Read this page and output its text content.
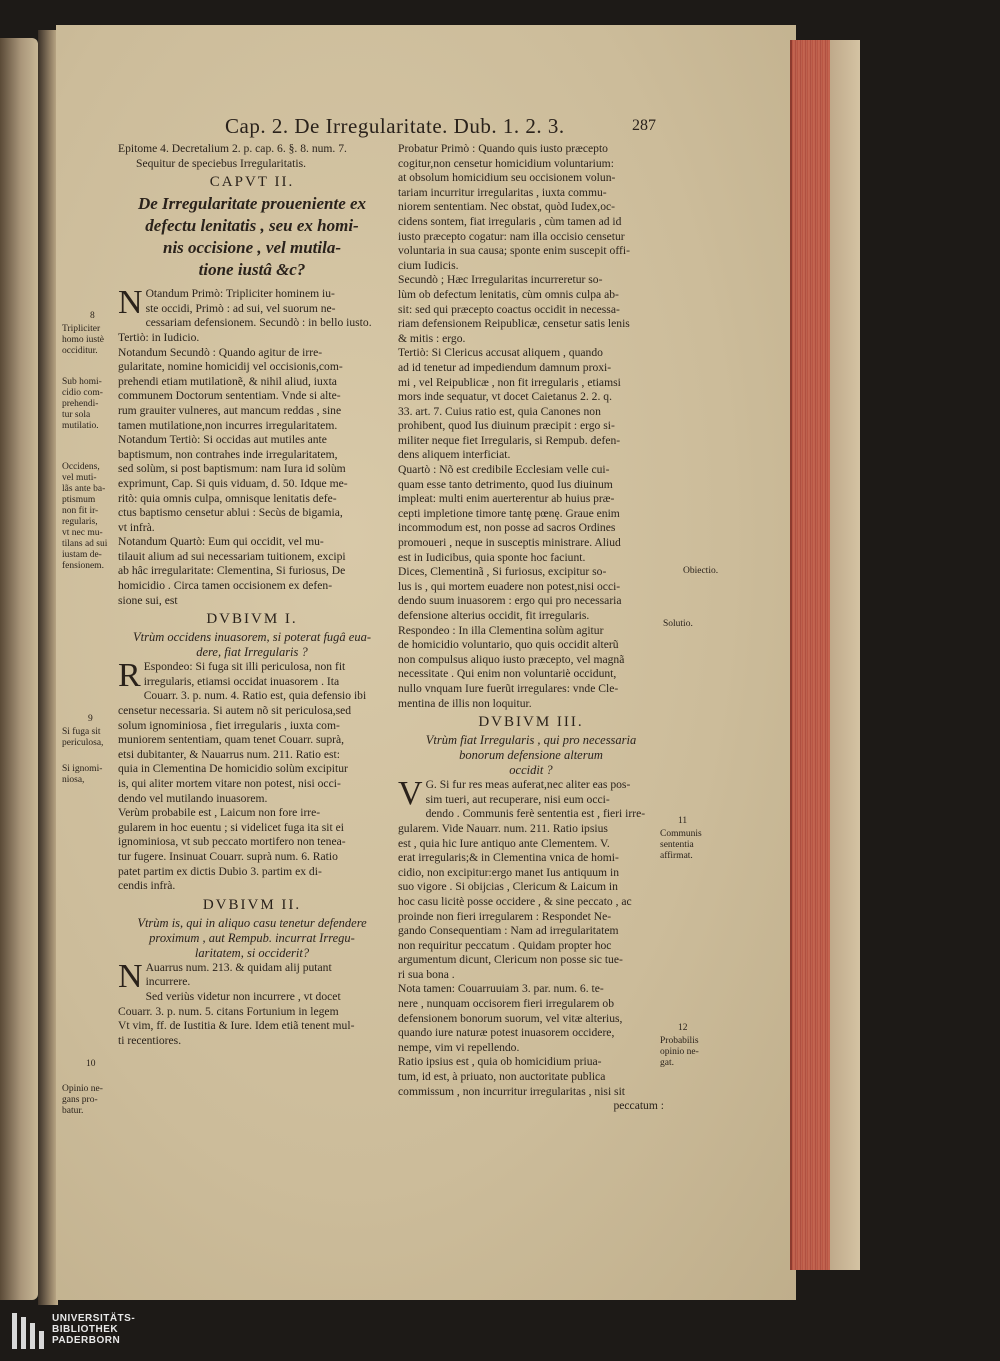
Cap. 2. De Irregularitate. Dub. 1. 2. 3.	287

Epitome 4. Decretalium 2. p. cap. 6. §. 8. num. 7.

Sequitur de speciebus Irregularitatis.

CAPVT II.

De Irregularitate proueniente ex

defectu lenitatis , seu ex homi-

nis occisione , vel mutila-

tione iustâ &c?

N Otandum Primò: Tripliciter hominem iu-

ste occidi, Primò : ad sui, vel suorum ne-

cessariam defensionem. Secundò : in bello iusto.

Tertiò: in Iudicio.

Notandum Secundò : Quando agitur de irre-

gularitate, nomine homicidij vel occisionis,com-

prehendi etiam mutilationẽ, & nihil aliud, iuxta

communem Doctorum sententiam. Vnde si alte-

rum grauiter vulneres, aut mancum reddas , sine

tamen mutilatione,non incurres irregularitatem.

Notandum Tertiò: Si occidas aut mutiles ante

baptismum, non contrahes inde irregularitatem,

sed solùm, si post baptismum: nam Iura id solùm

exprimunt, Cap. Si quis viduam, d. 50. Idque me-

ritò: quia omnis culpa, omnisque lenitatis defe-

ctus baptismo censetur ablui : Secùs de bigamia,

vt infrà.

Notandum Quartò: Eum qui occidit, vel mu-

tilauit alium ad sui necessariam tuitionem, excipi

ab hâc irregularitate: Clementina, Si furiosus, De

homicidio . Circa tamen occisionem ex defen-

sione sui, est

DVBIVM I.

Vtrùm occidens inuasorem, si poterat fugâ eua-

dere, fiat Irregularis ?

R Espondeo: Si fuga sit illi periculosa, non fit

irregularis, etiamsi occidat inuasorem . Ita

Couarr. 3. p. num. 4. Ratio est, quia defensio ibi

censetur necessaria. Si autem nõ sit periculosa,sed

solum ignominiosa , fiet irregularis , iuxta com-

muniorem sententiam, quam tenet Couarr. suprà,

etsi dubitanter, & Nauarrus num. 211. Ratio est:

quia in Clementina De homicidio solùm excipitur

is, qui aliter mortem vitare non potest, nisi occi-

dendo vel mutilando inuasorem.

Verùm probabile est , Laicum non fore irre-

gularem in hoc euentu ; si videlicet fuga ita sit ei

ignominiosa, vt sub peccato mortifero non tenea-

tur fugere. Insinuat Couarr. suprà num. 6. Ratio

patet partim ex dictis Dubio 3. partim ex di-

cendis infrà.

DVBIVM II.

Vtrùm is, qui in aliquo casu tenetur defendere

proximum , aut Rempub. incurrat Irregu-

laritatem, si occiderit?

N Auarrus num. 213. & quidam alij putant

incurrere.

Sed veriùs videtur non incurrere , vt docet

Couarr. 3. p. num. 5. citans Fortunium in legem

Vt vim, ff. de Iustitia & Iure. Idem etiã tenent mul-

ti recentiores.

Probatur Primò : Quando quis iusto præcepto

cogitur,non censetur homicidium voluntarium:

at obsolum homicidium seu occisionem volun-

tariam incurritur irregularitas , iuxta commu-

niorem sententiam. Nec obstat, quòd Iudex,oc-

cidens sontem, fiat irregularis , cùm tamen ad id

iusto præcepto cogatur: nam illa occisio censetur

voluntaria in sua causa; sponte enim suscepit offi-

cium Iudicis.

Secundò ; Hæc Irregularitas incurreretur so-

lùm ob defectum lenitatis, cùm omnis culpa ab-

sit: sed qui præcepto coactus occidit in necessa-

riam defensionem Reipublicæ, censetur satis lenis

& mitis : ergo.

Tertiò: Si Clericus accusat aliquem , quando

ad id tenetur ad impediendum damnum proxi-

mi , vel Reipublicæ , non fit irregularis , etiamsi

mors inde sequatur, vt docet Caietanus 2. 2. q.

33. art. 7. Cuius ratio est, quia Canones non

prohibent, quod Ius diuinum præcipit : ergo si-

militer neque fiet Irregularis, si Rempub. defen-

dens aliquem interficiat.

Quartò : Nõ est credibile Ecclesiam velle cui-

quam esse tanto detrimento, quod Ius diuinum

impleat: multi enim auerterentur ab huius præ-

cepti impletione timore tantę pœnę. Graue enim

incommodum est, non posse ad sacros Ordines

promoueri , neque in susceptis ministrare. Aliud

est in Iudicibus, quia sponte hoc faciunt.

Dices, Clementinã , Si furiosus, excipitur so-

lus is , qui mortem euadere non potest,nisi occi-

dendo suum inuasorem : ergo qui pro necessaria

defensione alterius occidit, fit irregularis.

Respondeo : In illa Clementina solùm agitur

de homicidio voluntario, quo quis occidit alterũ

non compulsus aliquo iusto præcepto, vel magnã

necessitate . Qui enim non voluntariè occidunt,

nullo vnquam Iure fuerũt irregulares: vnde Cle-

mentina de illis non loquitur.

DVBIVM III.

Vtrùm fiat Irregularis , qui pro necessaria

bonorum defensione alterum

occidit ?

V G. Si fur res meas auferat,nec aliter eas pos-

sim tueri, aut recuperare, nisi eum occi-

dendo . Communis ferè sententia est , fieri irre-

gularem. Vide Nauarr. num. 211. Ratio ipsius

est , quia hic Iure antiquo ante Clementem. V.

erat irregularis;& in Clementina vnica de homi-

cidio, non excipitur:ergo manet Ius antiquum in

suo vigore . Si obijcias , Clericum & Laicum in

hoc casu licitè posse occidere , & sine peccato , ac

proinde non fieri irregularem : Respondet Ne-

gando Consequentiam : Nam ad irregularitatem

non requiritur peccatum . Quidam propter hoc

argumentum dicunt, Clericum non posse sic tue-

ri sua bona .

Nota tamen: Couarruuiam 3. par. num. 6. te-

nere , nunquam occisorem fieri irregularem ob

defensionem bonorum suorum, vel vitæ alterius,

quando iure naturæ potest inuasorem occidere,

nempe, vim vi repellendo.

Ratio ipsius est , quia ob homicidium priua-

tum, id est, à priuato, non auctoritate publica

commissum , non incurritur irregularitas , nisi sit

peccatum :

8

Tripliciter

homo iustè

occiditur.

Sub homi-

cidio com-

prehendi-

tur sola

mutilatio.

Occidens,

vel muti-

lãs ante ba-

ptismum

non fit ir-

regularis,

vt nec mu-

tilans ad sui

iustam de-

fensionem.

9

Si fuga sit

periculosa,

Si ignomi-

niosa,

10

Opinio ne-

gans pro-

batur.

Obiectio.

Solutio.

11

Communis

sententia

affirmat.

12

Probabilis

opinio ne-

gat.

UNIVERSITÄTS-

BIBLIOTHEK

PADERBORN
